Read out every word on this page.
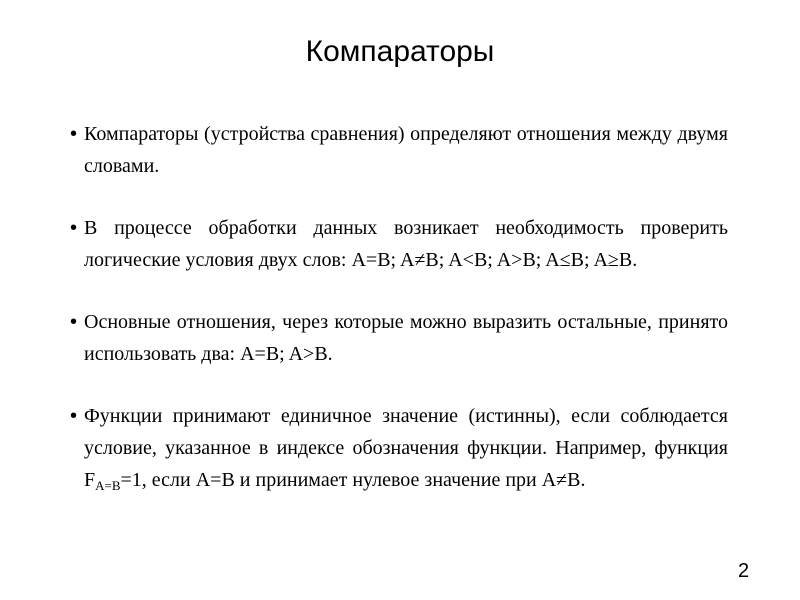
Компараторы
• Компараторы (устройства сравнения) определяют отношения между двумя словами.
• В процессе обработки данных возникает необходимость проверить логические условия двух слов: A=B; A≠B; A<B; A>B; A≤B; A≥B.
• Основные отношения, через которые можно выразить остальные, принято использовать два: A=B; A>B.
• Функции принимают единичное значение (истинны), если соблюдается условие, указанное в индексе обозначения функции. Например, функция $F_{A=B}=1$, если A=B и принимает нулевое значение при A≠B.
2
